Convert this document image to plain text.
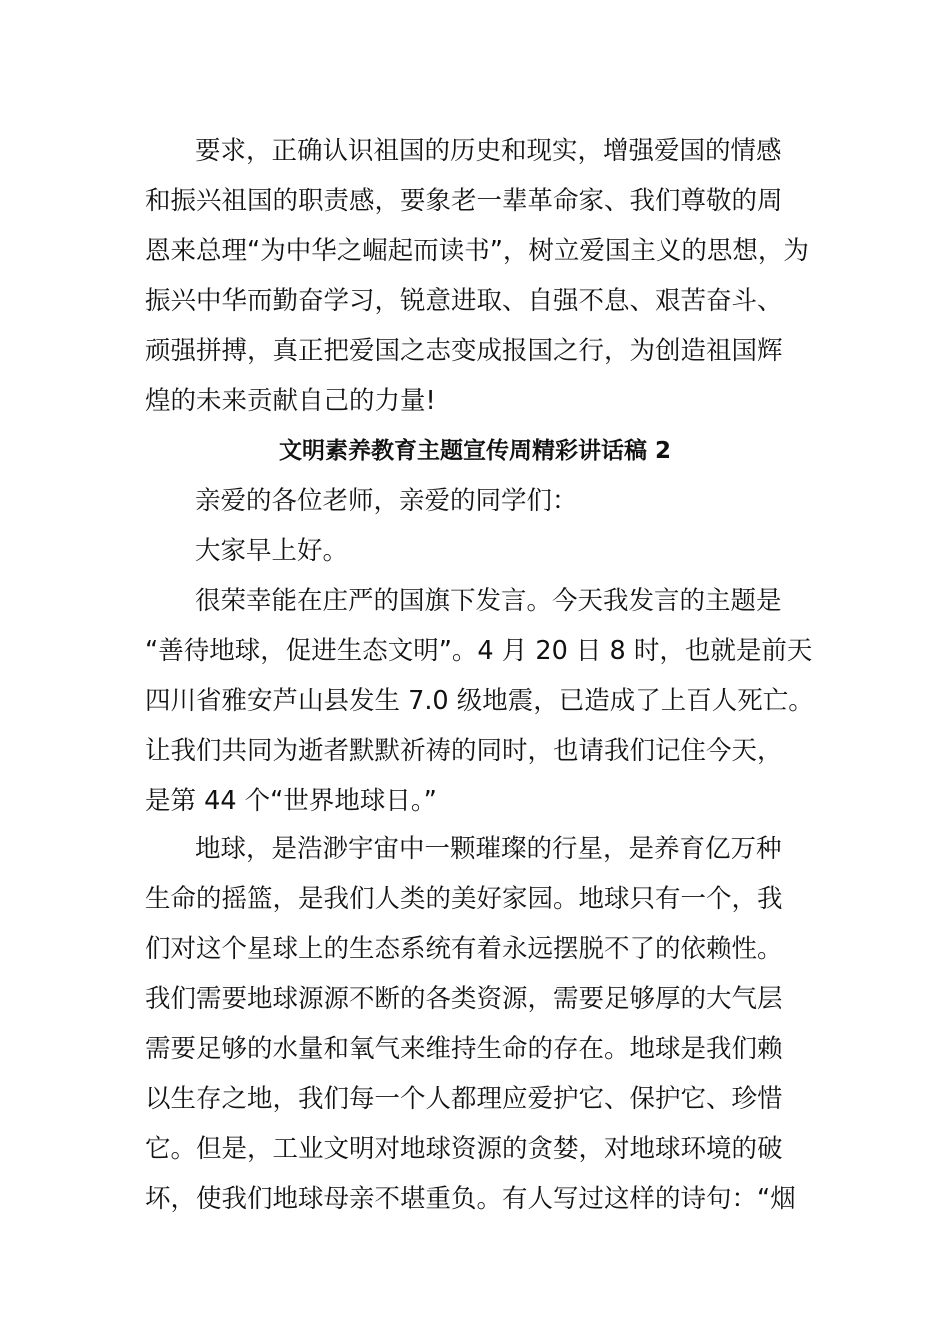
要求，正确认识祖国的历史和现实，增强爱国的情感
和振兴祖国的职责感，要象老一辈革命家、我们尊敬的周
恩来总理“为中华之崛起而读书”，树立爱国主义的思想，为
振兴中华而勤奋学习，锐意进取、自强不息、艰苦奋斗、
顽强拼搏，真正把爱国之志变成报国之行，为创造祖国辉
煌的未来贡献自己的力量!
文明素养教育主题宣传周精彩讲话稿 2
亲爱的各位老师，亲爱的同学们：
大家早上好。
很荣幸能在庄严的国旗下发言。今天我发言的主题是
“善待地球，促进生态文明”。4 月 20 日 8 时，也就是前天
四川省雅安芦山县发生 7.0 级地震，已造成了上百人死亡。
让我们共同为逝者默默祈祷的同时，也请我们记住今天，
是第 44 个“世界地球日。”
地球，是浩渺宇宙中一颗璀璨的行星，是养育亿万种
生命的摇篮，是我们人类的美好家园。地球只有一个，我
们对这个星球上的生态系统有着永远摆脱不了的依赖性。
我们需要地球源源不断的各类资源，需要足够厚的大气层
需要足够的水量和氧气来维持生命的存在。地球是我们赖
以生存之地，我们每一个人都理应爱护它、保护它、珍惜
它。但是，工业文明对地球资源的贪婪，对地球环境的破
坏，使我们地球母亲不堪重负。有人写过这样的诗句：“烟
